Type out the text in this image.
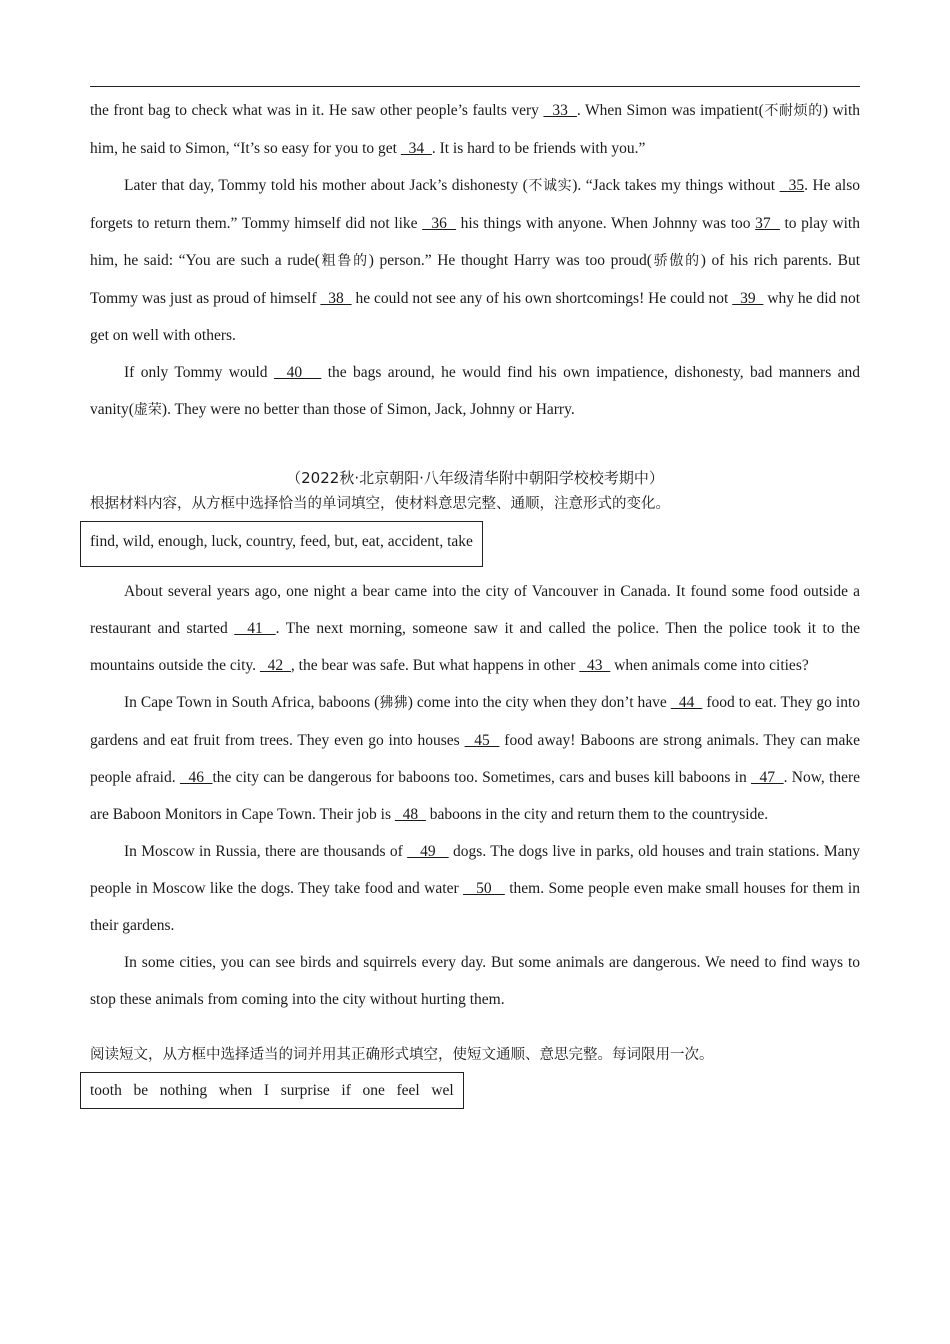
the front bag to check what was in it. He saw other people’s faults very   33  . When Simon was impatient(不耐烦的) with him, he said to Simon, “It’s so easy for you to get   34  . It is hard to be friends with you.”

Later that day, Tommy told his mother about Jack’s dishonesty (不诚实). “Jack takes my things without   35. He also forgets to return them.” Tommy himself did not like   36   his things with anyone. When Johnny was too 37   to play with him, he said: “You are such a rude(粗鲁的) person.” He thought Harry was too proud(骄傲的) of his rich parents. But Tommy was just as proud of himself   38   he could not see any of his own shortcomings! He could not   39   why he did not get on well with others.

If only Tommy would   40    the bags around, he would find his own impatience, dishonesty, bad manners and vanity(虚荣). They were no better than those of Simon, Jack, Johnny or Harry.

（2022秋·北京朝阳·八年级清华附中朝阳学校校考期中）
根据材料内容，从方框中选择恰当的单词填空，使材料意思完整、通顺，注意形式的变化。
find, wild, enough, luck, country, feed, but, eat, accident, take

About several years ago, one night a bear came into the city of Vancouver in Canada. It found some food outside a restaurant and started   41  . The next morning, someone saw it and called the police. Then the police took it to the mountains outside the city.   42  , the bear was safe. But what happens in other   43   when animals come into cities?

In Cape Town in South Africa, baboons (狒狒) come into the city when they don’t have   44   food to eat. They go into gardens and eat fruit from trees. They even go into houses   45   food away! Baboons are strong animals. They can make people afraid.   46  the city can be dangerous for baboons too. Sometimes, cars and buses kill baboons in   47  . Now, there are Baboon Monitors in Cape Town. Their job is   48   baboons in the city and return them to the countryside.

In Moscow in Russia, there are thousands of    49    dogs. The dogs live in parks, old houses and train stations. Many people in Moscow like the dogs. They take food and water    50    them. Some people even make small houses for them in their gardens.

In some cities, you can see birds and squirrels every day. But some animals are dangerous. We need to find ways to stop these animals from coming into the city without hurting them.

阅读短文，从方框中选择适当的词并用其正确形式填空，使短文通顺、意思完整。每词限用一次。
tooth   be   nothing   when   I   surprise   if   one   feel   wel
